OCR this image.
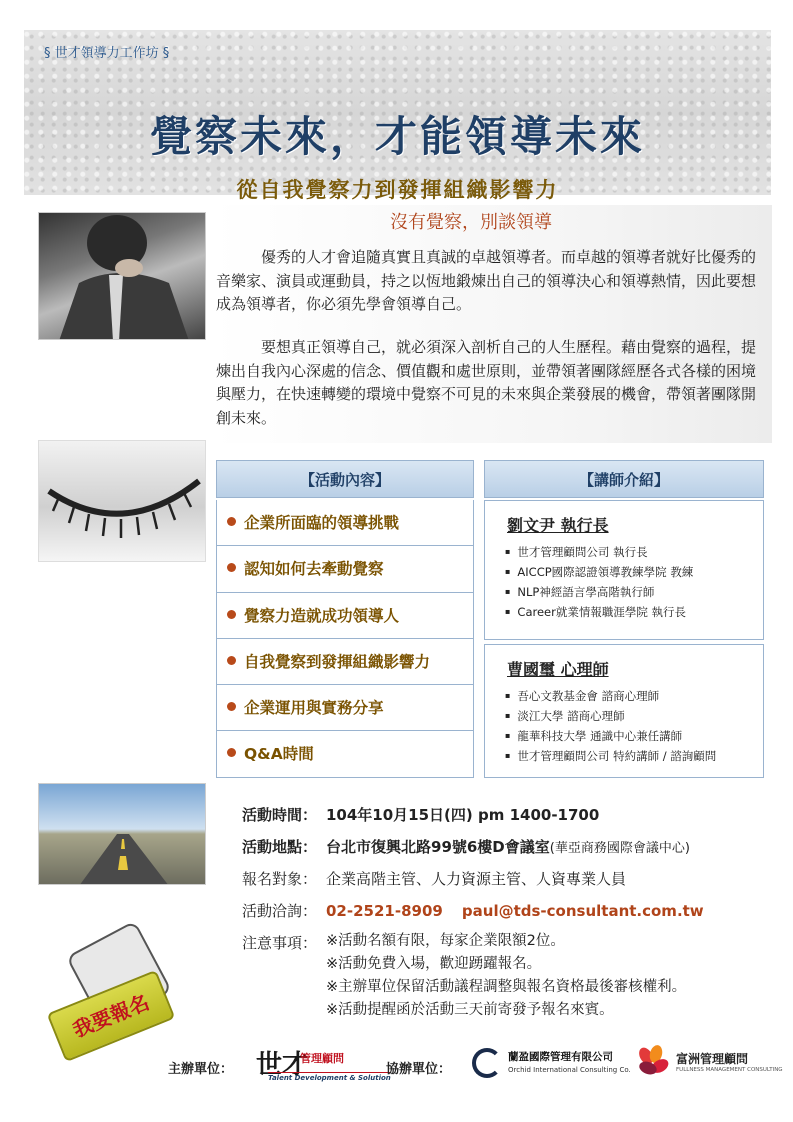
§ 世才領導力工作坊 §
覺察未來，才能領導未來
從自我覺察力到發揮組織影響力
沒有覺察，別談領導

優秀的人才會追隨真實且真誠的卓越領導者。而卓越的領導者就好比優秀的音樂家、演員或運動員，持之以恆地鍛煉出自己的領導決心和領導熱情，因此要想成為領導者，你必須先學會領導自己。

要想真正領導自己，就必須深入剖析自己的人生歷程。藉由覺察的過程，提煉出自我內心深處的信念、價值觀和處世原則，並帶領著團隊經歷各式各樣的困境與壓力，在快速轉變的環境中覺察不可見的未來與企業發展的機會，帶領著團隊開創未來。

【活動內容】
企業所面臨的領導挑戰
認知如何去牽動覺察
覺察力造就成功領導人
自我覺察到發揮組織影響力
企業運用與實務分享
Q&A時間
【講師介紹】
劉文尹 執行長
▪ 世才管理顧問公司 執行長
▪ AICCP國際認證領導教練學院 教練
▪ NLP神經語言學高階執行師
▪ Career就業情報職涯學院 執行長
曹國璽 心理師
▪ 吾心文教基金會 諮商心理師
▪ 淡江大學 諮商心理師
▪ 龍華科技大學 通識中心兼任講師
▪ 世才管理顧問公司 特約講師 / 諮詢顧問
活動時間： 104年10月15日(四) pm 1400-1700
活動地點： 台北市復興北路99號6樓D會議室(華亞商務國際會議中心)
報名對象： 企業高階主管、人力資源主管、人資專業人員
活動洽詢： 02-2521-8909 paul@tds-consultant.com.tw
注意事項： ※活動名額有限，每家企業限額2位。
※活動免費入場，歡迎踴躍報名。
※主辦單位保留活動議程調整與報名資格最後審核權利。
※活動提醒函於活動三天前寄發予報名來賓。
我要報名
主辦單位： 世才
管理顧問
Talent Development & Solution
協辦單位：
蘭盈國際管理有限公司
Orchid International Consulting Co.
富洲管理顧問
FULLNESS MANAGEMENT CONSULTING
